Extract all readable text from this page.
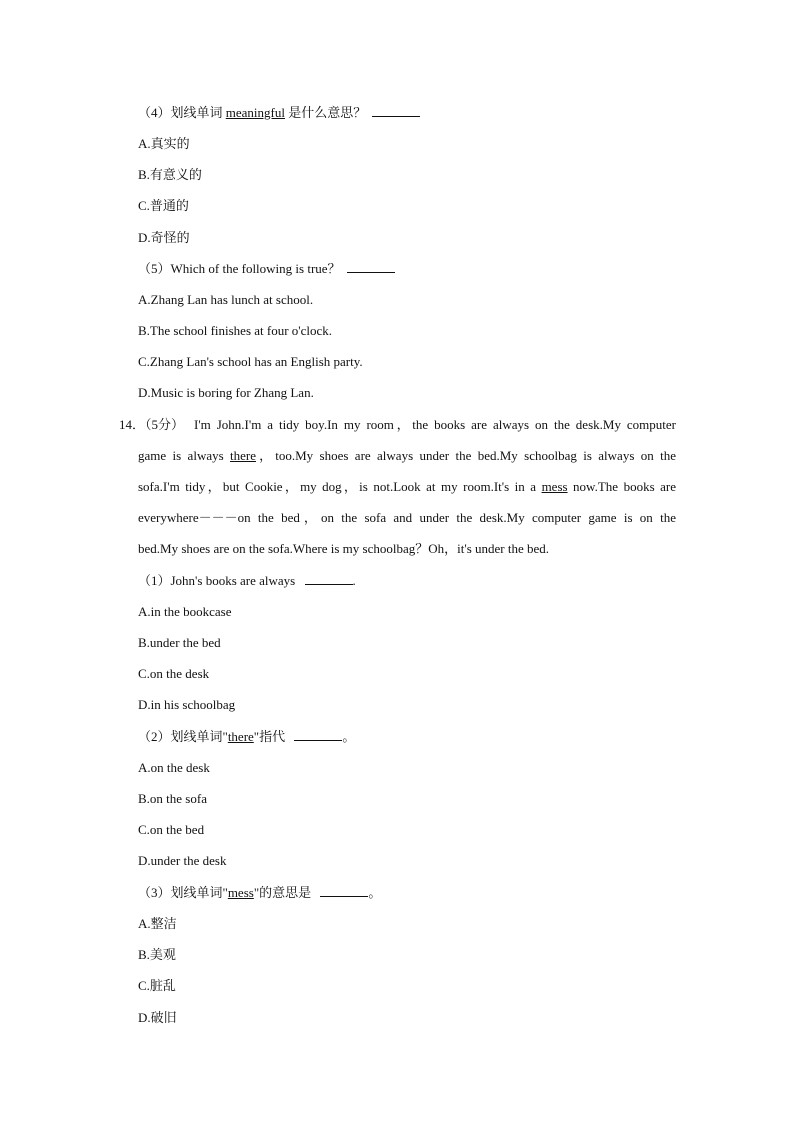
（4）划线单词 meaningful 是什么意思？
A.真实的
B.有意义的
C.普通的
D.奇怪的
（5）Which of the following is true？
A.Zhang Lan has lunch at school.
B.The school finishes at four o'clock.
C.Zhang Lan's school has an English party.
D.Music is boring for Zhang Lan.
14．（5分） I'm John.I'm a tidy boy.In my room，the books are always on the desk.My computer
game is always there，too.My shoes are always under the bed.My schoolbag is always on the
sofa.I'm tidy，but Cookie，my dog，is not.Look at my room.It's in a mess now.The books are
everywhere－－－on the bed，on the sofa and under the desk.My computer game is on the
bed.My shoes are on the sofa.Where is my schoolbag？Oh，it's under the bed.
（1）John's books are always	.
A.in the bookcase
B.under the bed
C.on the desk
D.in his schoolbag
（2）划线单词"there"指代	。
A.on the desk
B.on the sofa
C.on the bed
D.under the desk
（3）划线单词"mess"的意思是	。
A.整洁
B.美观
C.脏乱
D.破旧
